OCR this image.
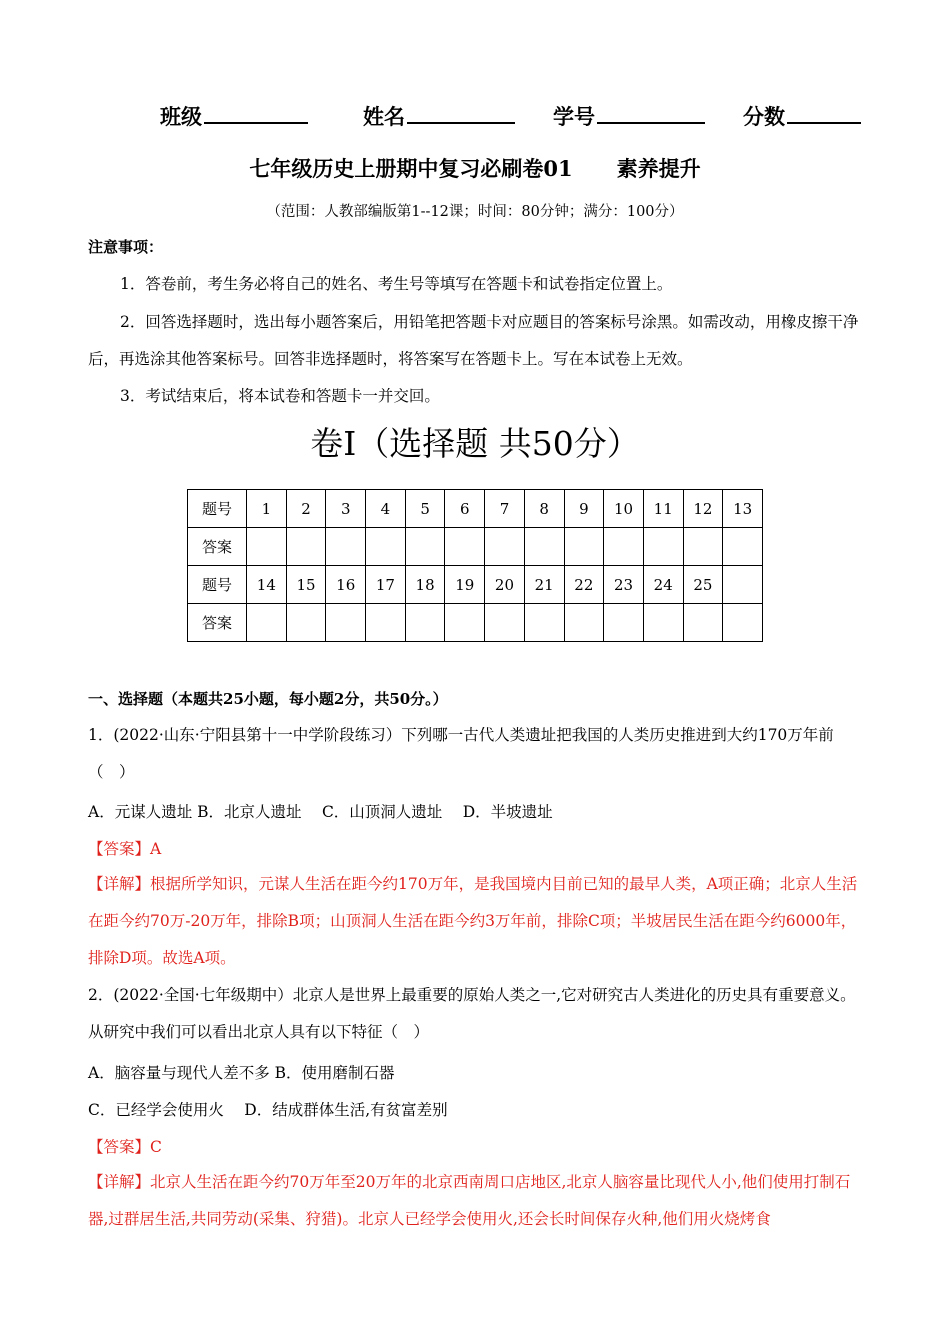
班级	姓名	学号	分数
七年级历史上册期中复习必刷卷01 素养提升
（范围：人教部编版第1--12课；时间：80分钟；满分：100分）
注意事项：
1．答卷前，考生务必将自己的姓名、考生号等填写在答题卡和试卷指定位置上。
2．回答选择题时，选出每小题答案后，用铅笔把答题卡对应题目的答案标号涂黑。如需改动，用橡皮擦干净后，再选涂其他答案标号。回答非选择题时，将答案写在答题卡上。写在本试卷上无效。
3．考试结束后，将本试卷和答题卡一并交回。
卷I（选择题 共50分）
题号	1	2	3	4	5	6	7	8	9	10	11	12	13
答案													
题号	14	15	16	17	18	19	20	21	22	23	24	25	
答案													
一、选择题（本题共25小题，每小题2分，共50分。）
1．(2022·山东·宁阳县第十一中学阶段练习）下列哪一古代人类遗址把我国的人类历史推进到大约170万年前（　）
A．元谋人遗址 B．北京人遗址　 C．山顶洞人遗址　 D．半坡遗址
【答案】A
【详解】根据所学知识，元谋人生活在距今约170万年，是我国境内目前已知的最早人类，A项正确；北京人生活在距今约70万-20万年，排除B项；山顶洞人生活在距今约3万年前，排除C项；半坡居民生活在距今约6000年，排除D项。故选A项。
2．(2022·全国·七年级期中）北京人是世界上最重要的原始人类之一,它对研究古人类进化的历史具有重要意义。从研究中我们可以看出北京人具有以下特征（　）
A．脑容量与现代人差不多 B．使用磨制石器
C．已经学会使用火　 D．结成群体生活,有贫富差别
【答案】C
【详解】北京人生活在距今约70万年至20万年的北京西南周口店地区,北京人脑容量比现代人小,他们使用打制石器,过群居生活,共同劳动(采集、狩猎)。北京人已经学会使用火,还会长时间保存火种,他们用火烧烤食
